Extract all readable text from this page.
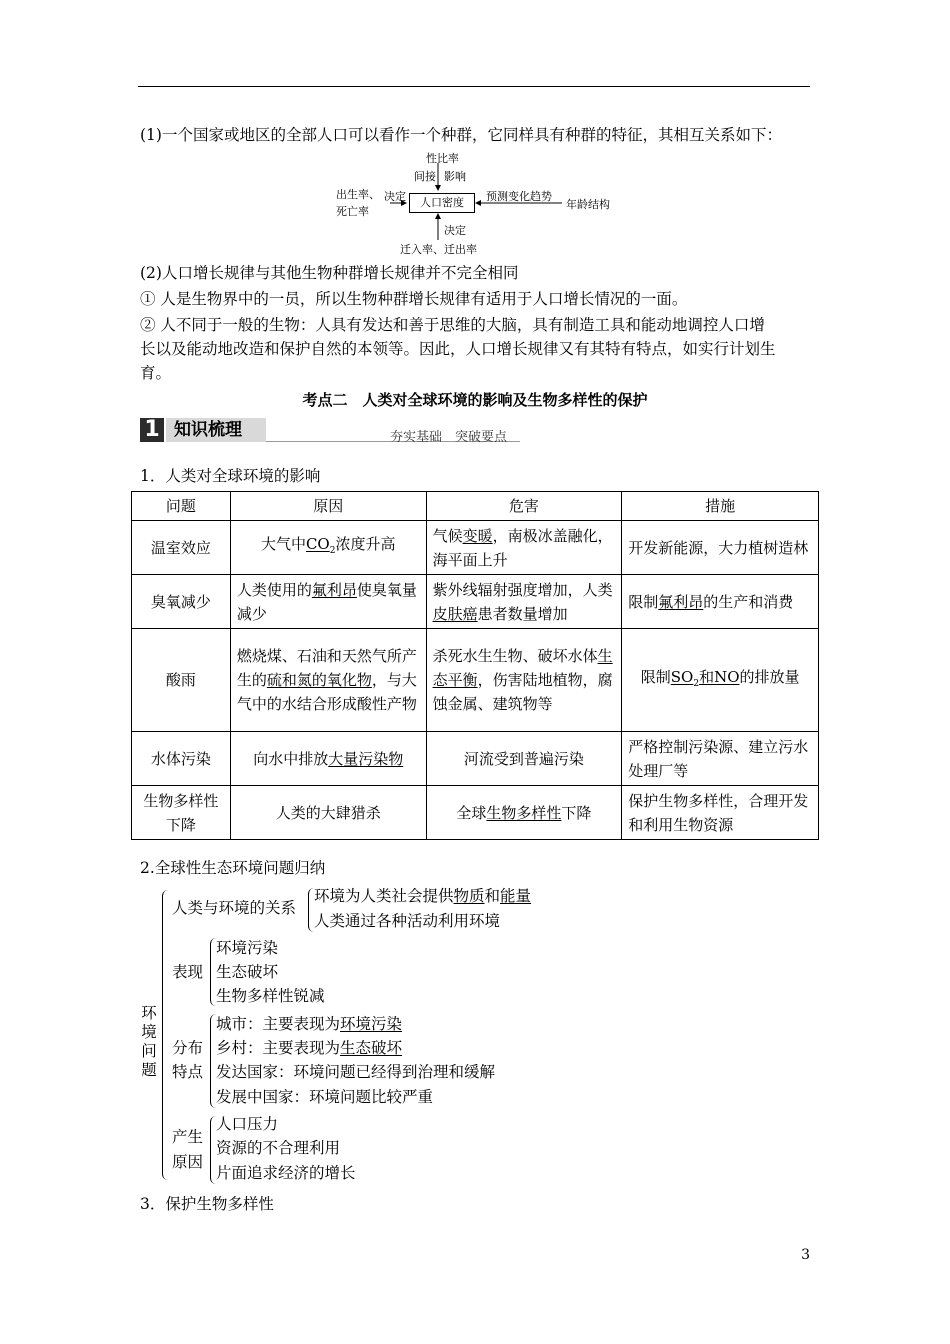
(1)一个国家或地区的全部人口可以看作一个种群，它同样具有种群的特征，其相互关系如下：
性比率
间接 影响
出生率、
死亡率
决定	人口密度	预测变化趋势
年龄结构
决定
迁入率、迁出率
(2)人口增长规律与其他生物种群增长规律并不完全相同
① 人是生物界中的一员，所以生物种群增长规律有适用于人口增长情况的一面。
② 人不同于一般的生物：人具有发达和善于思维的大脑，具有制造工具和能动地调控人口增
长以及能动地改造和保护自然的本领等。因此，人口增长规律又有其特有特点，如实行计划生
育。
考点二　人类对全球环境的影响及生物多样性的保护
1 知识梳理	夯实基础　突破要点
1．人类对全球环境的影响
问题	原因	危害	措施
温室效应	大气中$CO_2$浓度升高	气候变暖，南极冰盖融化，海平面上升	开发新能源，大力植树造林
臭氧减少	人类使用的氟利昂使臭氧量减少	紫外线辐射强度增加，人类皮肤癌患者数量增加	限制氟利昂的生产和消费
酸雨	燃烧煤、石油和天然气所产生的硫和氮的氧化物，与大气中的水结合形成酸性产物	杀死水生生物、破坏水体生态平衡，伤害陆地植物，腐蚀金属、建筑物等	限制$SO_2$和NO的排放量
水体污染	向水中排放大量污染物	河流受到普遍污染	严格控制污染源、建立污水处理厂等
生物多样性下降	人类的大肆猎杀	全球生物多样性下降	保护生物多样性，合理开发和利用生物资源
2.全球性生态环境问题归纳
环
境
问
题
人类与环境的关系
环境为人类社会提供物质和能量
人类通过各种活动利用环境
表现
环境污染
生态破坏
生物多样性锐减
分布
特点
城市：主要表现为环境污染
乡村：主要表现为生态破坏
发达国家：环境问题已经得到治理和缓解
发展中国家：环境问题比较严重
产生
原因
人口压力
资源的不合理利用
片面追求经济的增长
3．保护生物多样性
3
